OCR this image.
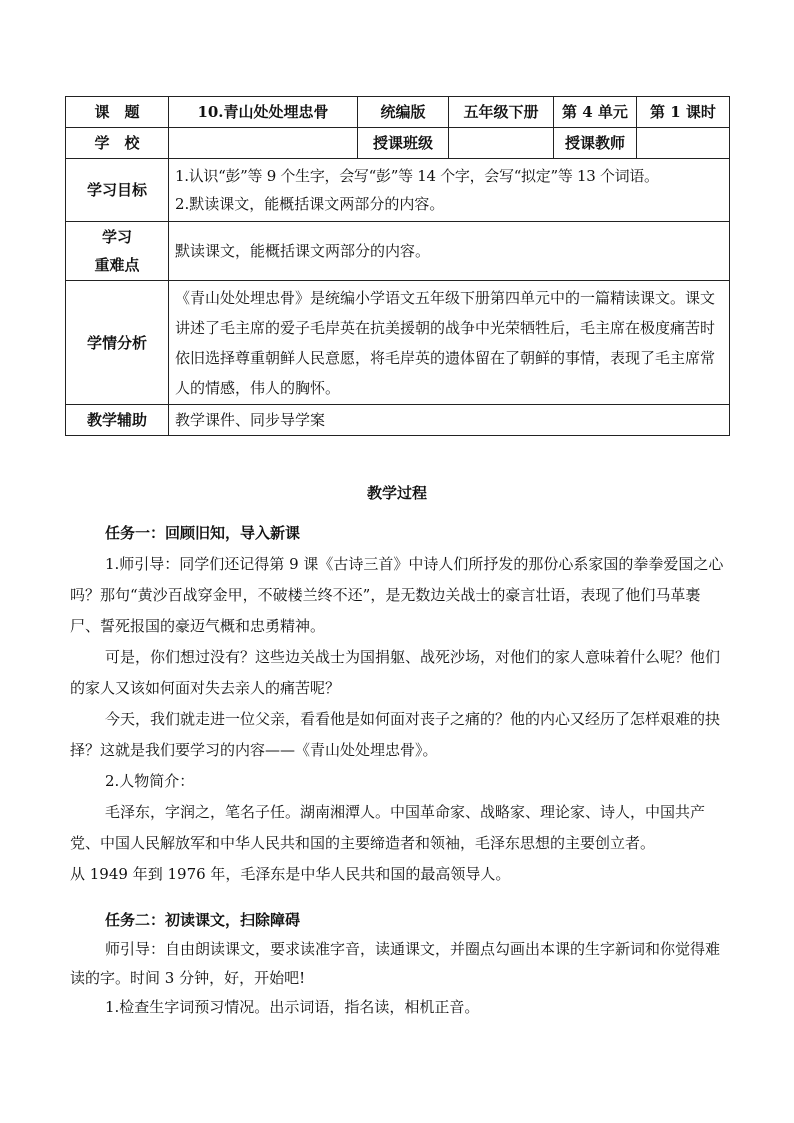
课　题	10.青山处处埋忠骨	统编版	五年级下册	第 4 单元	第 1 课时
学　校		授课班级		授课教师	
学习目标	1.认识“彭”等 9 个生字，会写“彭”等 14 个字，会写“拟定”等 13 个词语。
2.默读课文，能概括课文两部分的内容。				

学习
重难点	默读课文，能概括课文两部分的内容。				
学情分析	《青山处处埋忠骨》是统编小学语文五年级下册第四单元中的一篇精读课文。课文讲述了毛主席的爱子毛岸英在抗美援朝的战争中光荣牺牲后，毛主席在极度痛苦时依旧选择尊重朝鲜人民意愿，将毛岸英的遗体留在了朝鲜的事情，表现了毛主席常人的情感，伟人的胸怀。				
教学辅助	教学课件、同步导学案				
教学过程
任务一：回顾旧知，导入新课

1.师引导：同学们还记得第 9 课《古诗三首》中诗人们所抒发的那份心系家国的拳拳爱国之心吗？那句“黄沙百战穿金甲，不破楼兰终不还”，是无数边关战士的豪言壮语，表现了他们马革裹尸、誓死报国的豪迈气概和忠勇精神。

可是，你们想过没有？这些边关战士为国捐躯、战死沙场，对他们的家人意味着什么呢？他们的家人又该如何面对失去亲人的痛苦呢？

今天，我们就走进一位父亲，看看他是如何面对丧子之痛的？他的内心又经历了怎样艰难的抉择？这就是我们要学习的内容——《青山处处埋忠骨》。

2.人物简介：

毛泽东，字润之，笔名子任。湖南湘潭人。中国革命家、战略家、理论家、诗人，中国共产党、中国人民解放军和中华人民共和国的主要缔造者和领袖，毛泽东思想的主要创立者。

从 1949 年到 1976 年，毛泽东是中华人民共和国的最高领导人。

任务二：初读课文，扫除障碍

师引导：自由朗读课文，要求读准字音，读通课文，并圈点勾画出本课的生字新词和你觉得难读的字。时间 3 分钟，好，开始吧!

1.检查生字词预习情况。出示词语，指名读，相机正音。
